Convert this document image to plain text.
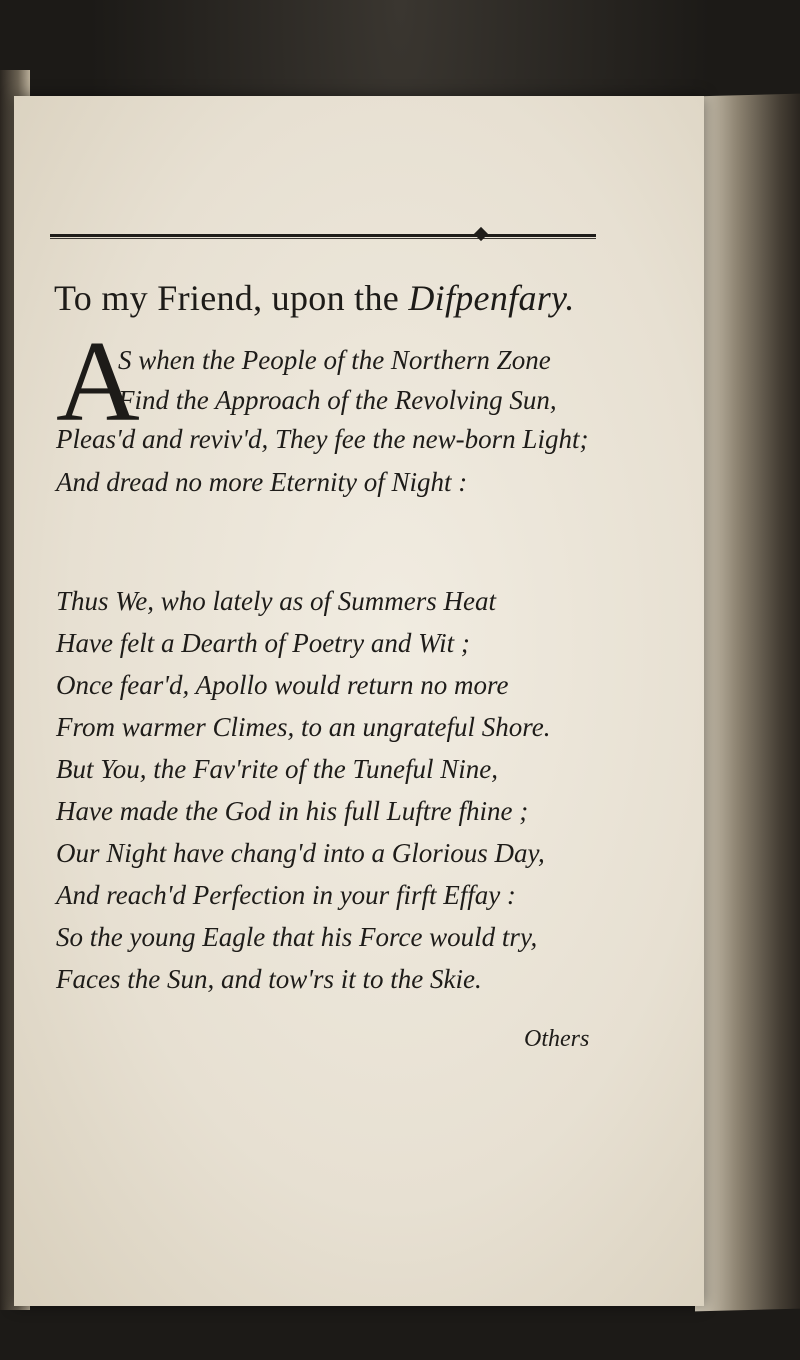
To my Friend, upon the Difpenfary.
A
S when the People of the Northern Zone
Find the Approach of the Revolving Sun,
Pleas'd and reviv'd, They fee the new-born Light;
And dread no more Eternity of Night :
Thus We, who lately as of Summers Heat
Have felt a Dearth of Poetry and Wit ;
Once fear'd, Apollo would return no more
From warmer Climes, to an ungrateful Shore.
But You, the Fav'rite of the Tuneful Nine,
Have made the God in his full Luftre fhine ;
Our Night have chang'd into a Glorious Day,
And reach'd Perfection in your firft Effay :
So the young Eagle that his Force would try,
Faces the Sun, and tow'rs it to the Skie.
Others
